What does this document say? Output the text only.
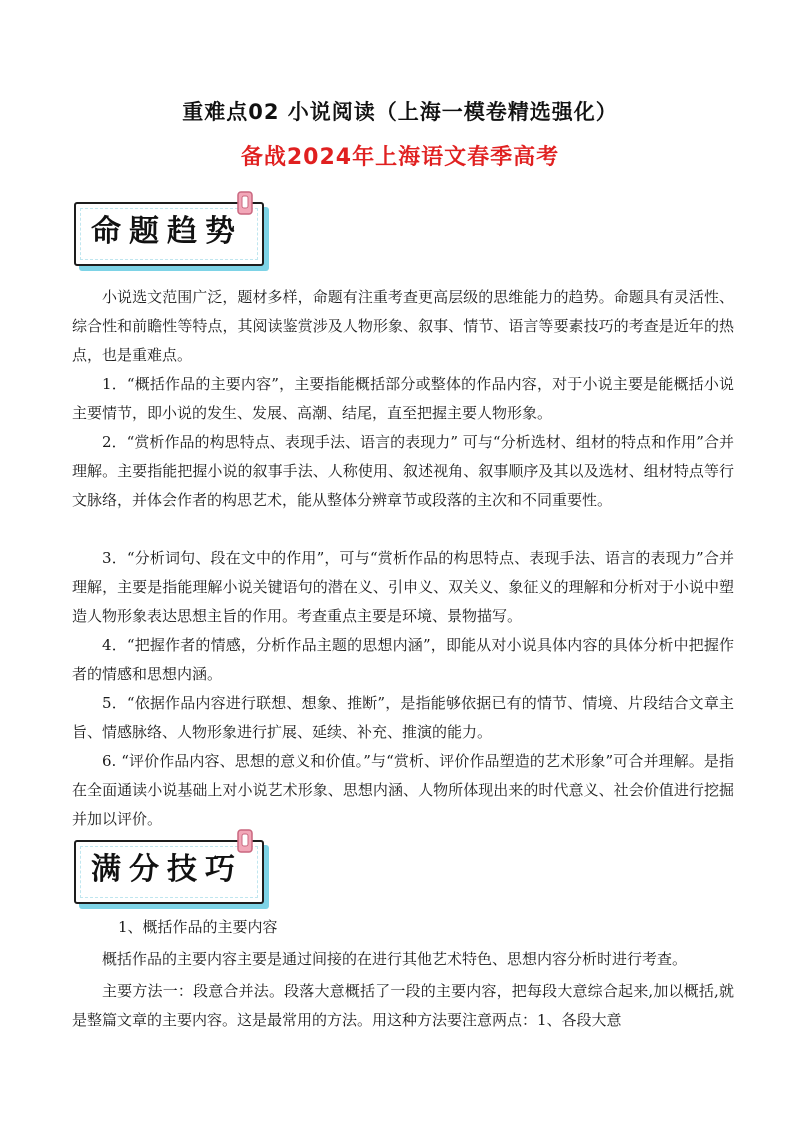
重难点02 小说阅读（上海一模卷精选强化）
备战2024年上海语文春季高考
命题趋势

小说选文范围广泛，题材多样，命题有注重考查更高层级的思维能力的趋势。命题具有灵活性、综合性和前瞻性等特点，其阅读鉴赏涉及人物形象、叙事、情节、语言等要素技巧的考查是近年的热点，也是重难点。

1．“概括作品的主要内容”，主要指能概括部分或整体的作品内容，对于小说主要是能概括小说主要情节，即小说的发生、发展、高潮、结尾，直至把握主要人物形象。

2．“赏析作品的构思特点、表现手法、语言的表现力” 可与“分析选材、组材的特点和作用”合并理解。主要指能把握小说的叙事手法、人称使用、叙述视角、叙事顺序及其以及选材、组材特点等行文脉络，并体会作者的构思艺术，能从整体分辨章节或段落的主次和不同重要性。

3．“分析词句、段在文中的作用”，可与“赏析作品的构思特点、表现手法、语言的表现力”合并理解，主要是指能理解小说关键语句的潜在义、引申义、双关义、象征义的理解和分析对于小说中塑造人物形象表达思想主旨的作用。考查重点主要是环境、景物描写。

4．“把握作者的情感，分析作品主题的思想内涵”，即能从对小说具体内容的具体分析中把握作者的情感和思想内涵。

5．“依据作品内容进行联想、想象、推断”，是指能够依据已有的情节、情境、片段结合文章主旨、情感脉络、人物形象进行扩展、延续、补充、推演的能力。

6. “评价作品内容、思想的意义和价值。”与“赏析、评价作品塑造的艺术形象”可合并理解。是指在全面通读小说基础上对小说艺术形象、思想内涵、人物所体现出来的时代意义、社会价值进行挖掘并加以评价。

满分技巧

1、概括作品的主要内容

概括作品的主要内容主要是通过间接的在进行其他艺术特色、思想内容分析时进行考查。

主要方法一：段意合并法。段落大意概括了一段的主要内容，把每段大意综合起来,加以概括,就是整篇文章的主要内容。这是最常用的方法。用这种方法要注意两点：1、各段大意
